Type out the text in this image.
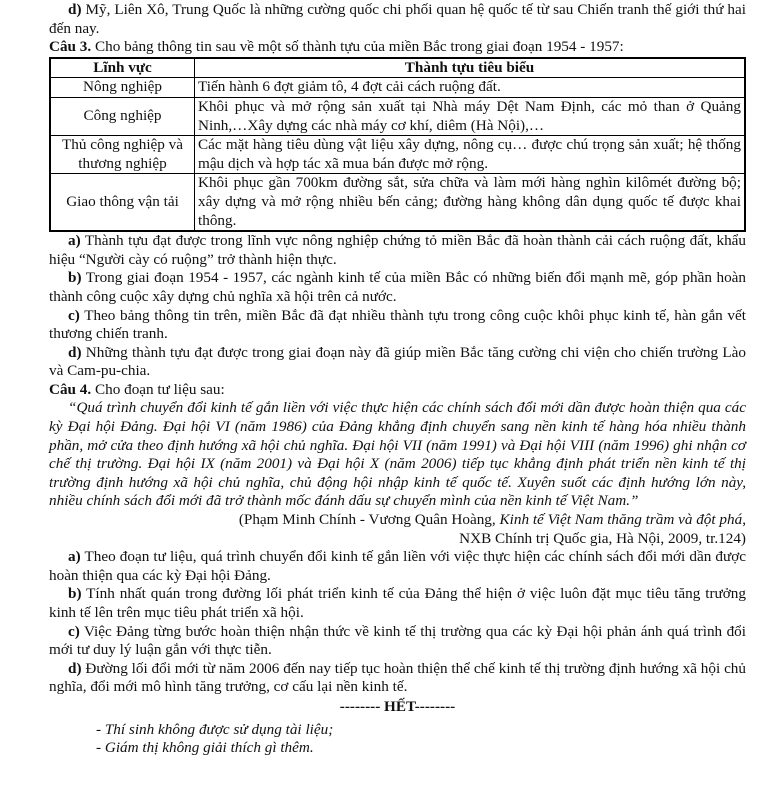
d) Mỹ, Liên Xô, Trung Quốc là những cường quốc chi phối quan hệ quốc tế từ sau Chiến tranh thế giới thứ hai đến nay.

Câu 3. Cho bảng thông tin sau về một số thành tựu của miền Bắc trong giai đoạn 1954 - 1957:

Lĩnh vực	Thành tựu tiêu biểu
Nông nghiệp	Tiến hành 6 đợt giảm tô, 4 đợt cải cách ruộng đất.
Công nghiệp	Khôi phục và mở rộng sản xuất tại Nhà máy Dệt Nam Định, các mỏ than ở Quảng Ninh,…Xây dựng các nhà máy cơ khí, diêm (Hà Nội),…
Thủ công nghiệp và thương nghiệp	Các mặt hàng tiêu dùng vật liệu xây dựng, nông cụ… được chú trọng sản xuất; hệ thống mậu dịch và hợp tác xã mua bán được mở rộng.
Giao thông vận tải	Khôi phục gần 700km đường sắt, sửa chữa và làm mới hàng nghìn kilômét đường bộ; xây dựng và mở rộng nhiều bến cảng; đường hàng không dân dụng quốc tế được khai thông.

a) Thành tựu đạt được trong lĩnh vực nông nghiệp chứng tỏ miền Bắc đã hoàn thành cải cách ruộng đất, khẩu hiệu “Người cày có ruộng” trở thành hiện thực.

b) Trong giai đoạn 1954 - 1957, các ngành kinh tế của miền Bắc có những biến đổi mạnh mẽ, góp phần hoàn thành công cuộc xây dựng chủ nghĩa xã hội trên cả nước.

c) Theo bảng thông tin trên, miền Bắc đã đạt nhiều thành tựu trong công cuộc khôi phục kinh tế, hàn gắn vết thương chiến tranh.

d) Những thành tựu đạt được trong giai đoạn này đã giúp miền Bắc tăng cường chi viện cho chiến trường Lào và Cam-pu-chia.

Câu 4. Cho đoạn tư liệu sau:

“Quá trình chuyển đổi kinh tế gắn liền với việc thực hiện các chính sách đổi mới dần được hoàn thiện qua các kỳ Đại hội Đảng. Đại hội VI (năm 1986) của Đảng khẳng định chuyển sang nền kinh tế hàng hóa nhiều thành phần, mở cửa theo định hướng xã hội chủ nghĩa. Đại hội VII (năm 1991) và Đại hội VIII (năm 1996) ghi nhận cơ chế thị trường. Đại hội IX (năm 2001) và Đại hội X (năm 2006) tiếp tục khẳng định phát triển nền kinh tế thị trường định hướng xã hội chủ nghĩa, chủ động hội nhập kinh tế quốc tế. Xuyên suốt các định hướng lớn này, nhiều chính sách đổi mới đã trở thành mốc đánh dấu sự chuyển mình của nền kinh tế Việt Nam.”

(Phạm Minh Chính - Vương Quân Hoàng, Kinh tế Việt Nam thăng trầm và đột phá,

NXB Chính trị Quốc gia, Hà Nội, 2009, tr.124)

a) Theo đoạn tư liệu, quá trình chuyển đổi kinh tế gắn liền với việc thực hiện các chính sách đổi mới dần được hoàn thiện qua các kỳ Đại hội Đảng.

b) Tính nhất quán trong đường lối phát triển kinh tế của Đảng thể hiện ở việc luôn đặt mục tiêu tăng trưởng kinh tế lên trên mục tiêu phát triển xã hội.

c) Việc Đảng từng bước hoàn thiện nhận thức về kinh tế thị trường qua các kỳ Đại hội phản ánh quá trình đổi mới tư duy lý luận gắn với thực tiễn.

d) Đường lối đổi mới từ năm 2006 đến nay tiếp tục hoàn thiện thể chế kinh tế thị trường định hướng xã hội chủ nghĩa, đổi mới mô hình tăng trưởng, cơ cấu lại nền kinh tế.

-------- HẾT--------

- Thí sinh không được sử dụng tài liệu;

- Giám thị không giải thích gì thêm.
